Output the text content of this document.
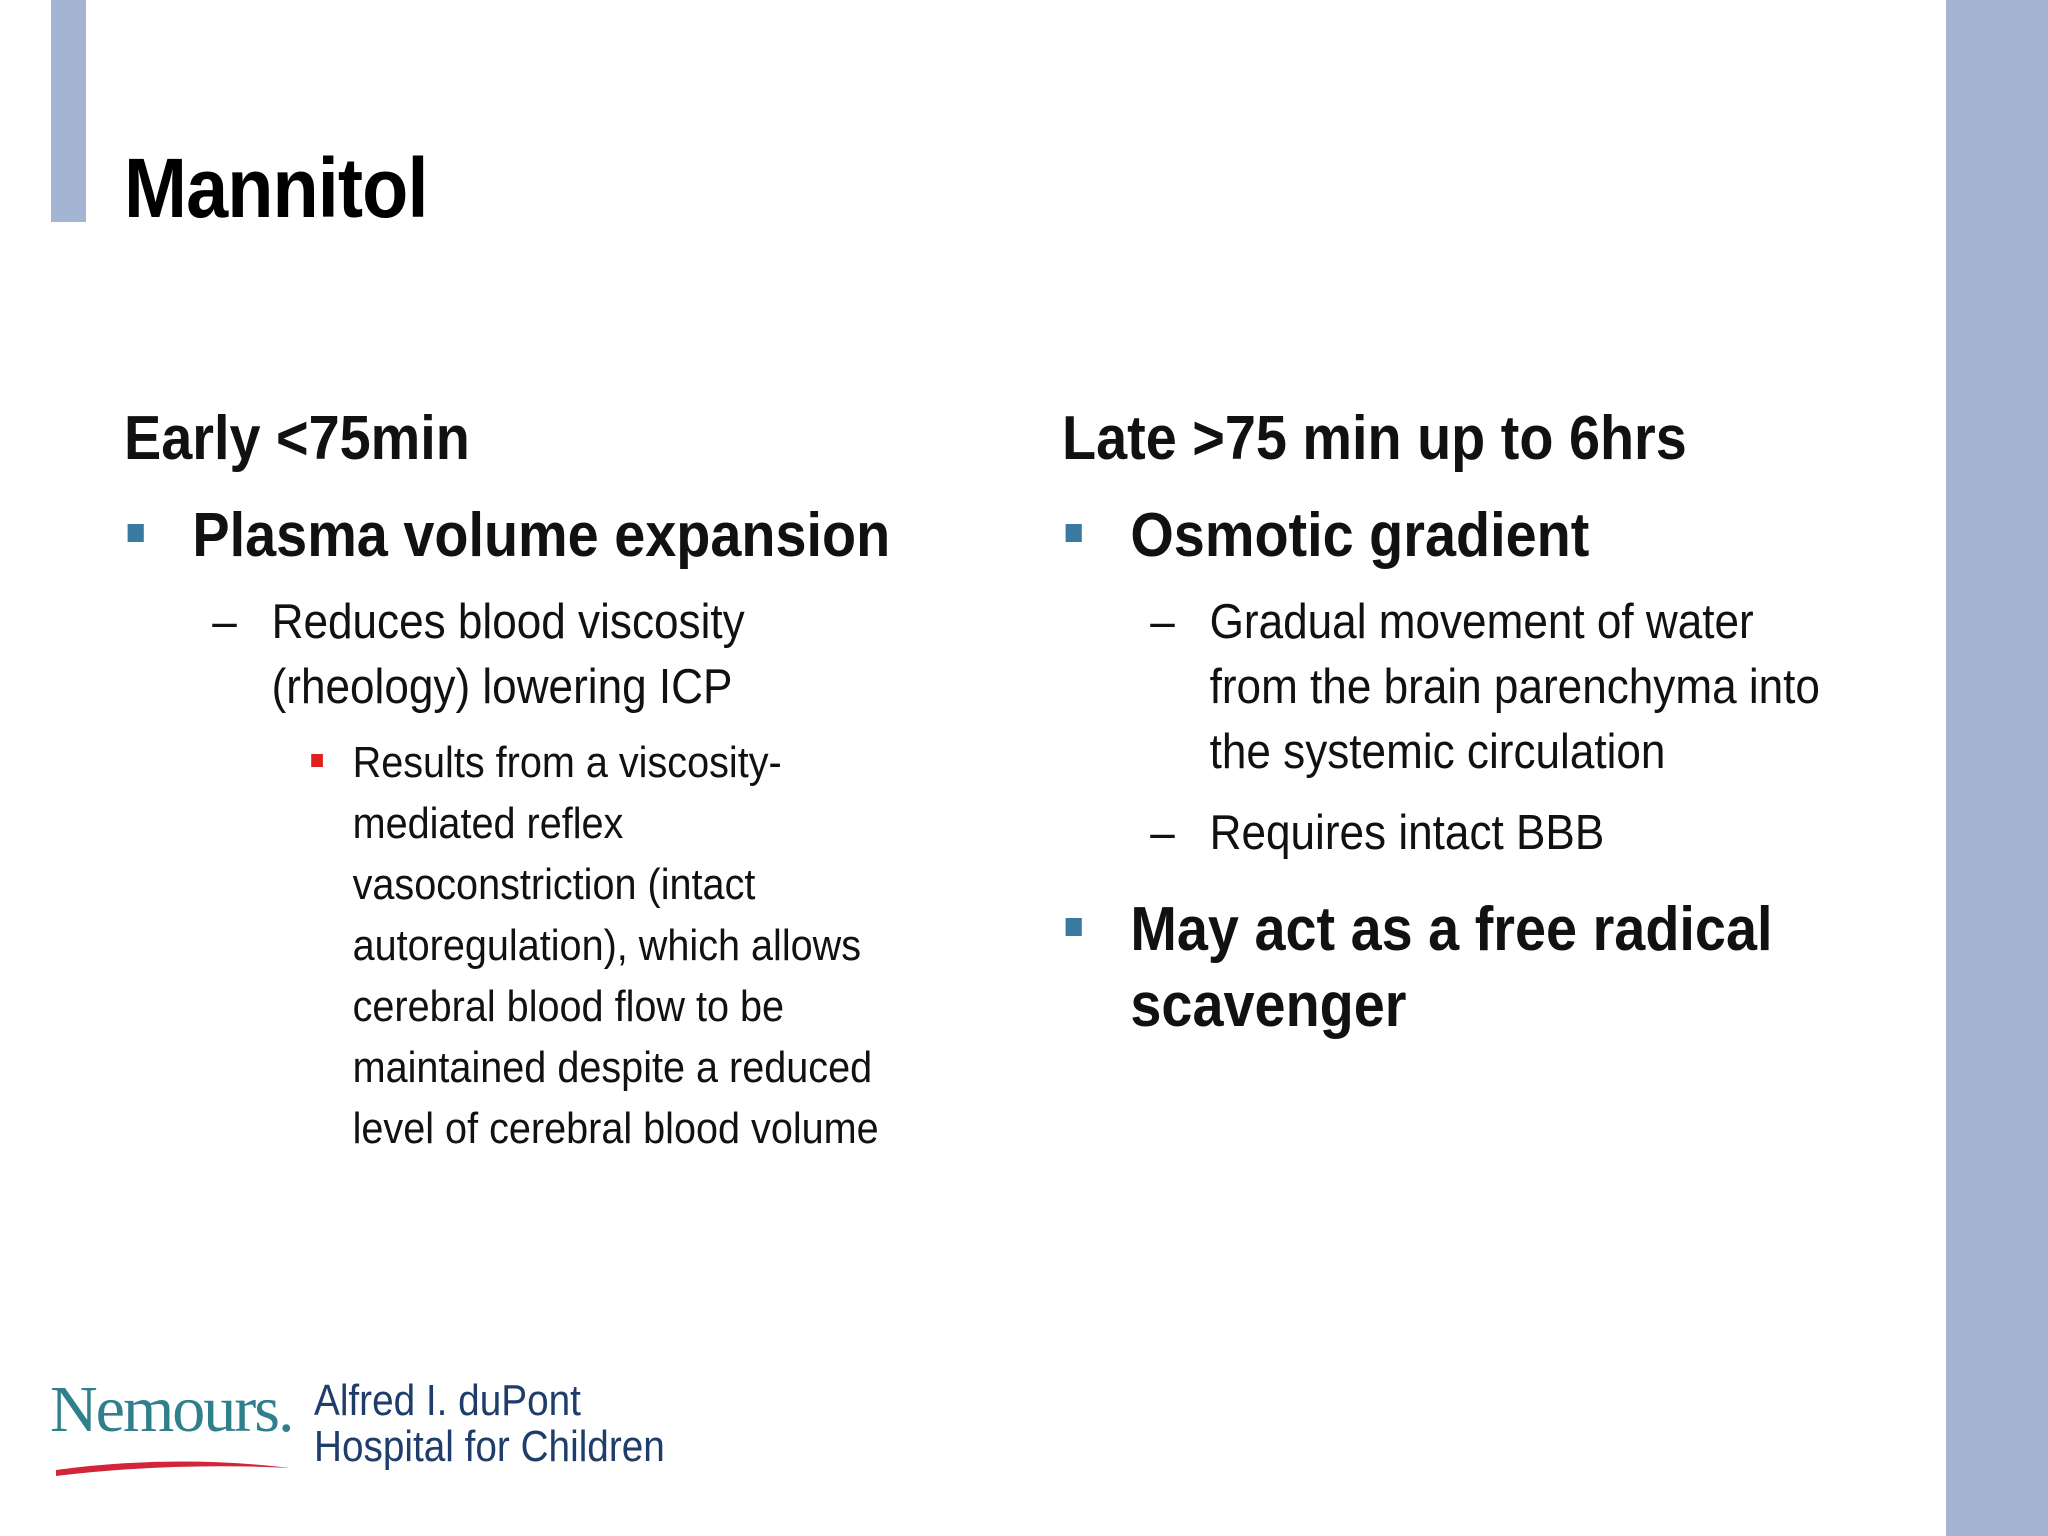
Mannitol
Early <75min
Plasma volume expansion
– Reduces blood viscosity (rheology) lowering ICP
Results from a viscosity-mediated reflex vasoconstriction (intact autoregulation), which allows cerebral blood flow to be maintained despite a reduced level of cerebral blood volume
Late >75 min up to 6hrs
Osmotic gradient
– Gradual movement of water from the brain parenchyma into the systemic circulation
– Requires intact BBB
May act as a free radical scavenger
Nemours. Alfred I. duPont
Hospital for Children
